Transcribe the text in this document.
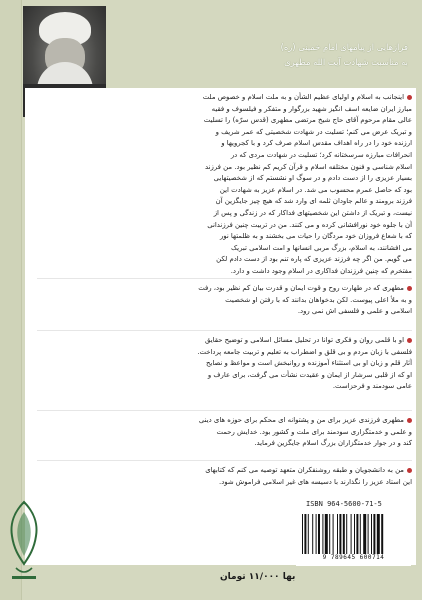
فرازهایی از پیامهای امام خمینی (ره)
به مناسبت شهادت آیت الله مطهری
اینجانب به اسلام و اولیای عظیم الشأن و به ملت اسلام و خصوص ملت
مبارز ایران ضایعه اسف انگیز شهید بزرگوار و متفکر و فیلسوف و فقیه
عالی مقام مرحوم آقای حاج شیخ مرتضی مطهری (قدس سرّه) را تسلیت
و تبریک عرض می کنم؛ تسلیت در شهادت شخصیتی که عمر شریف و
ارزنده خود را در راه اهداف مقدس اسلام صرف کرد و با کجرویها و
انحرافات مبارزه سرسختانه کرد؛ تسلیت در شهادت مردی که در
اسلام شناسی و فنون مختلفه اسلام و قرآن کریم کم نظیر بود. من فرزند
بسیار عزیزی را از دست دادم و در سوگ او نشستم که از شخصیتهایی
بود که حاصل عمرم محسوب می شد. در اسلام عزیز به شهادت این
فرزند برومند و عالم جاودان ثلمه ای وارد شد که هیچ چیز جایگزین آن
نیست، و تبریک از داشتن این شخصیتهای فداکار که در زندگی و پس از
آن با جلوه خود نورافشانی کرده و می کنند. من در تربیت چنین فرزندانی
که با شعاع فروزان خود مردگان را حیات می بخشند و به ظلمتها نور
می افشانند، به اسلام، بزرگ مربی انسانها و امت اسلامی تبریک
می گویم. من اگر چه فرزند عزیزی که پاره تنم بود از دست دادم لکن
مفتخرم که چنین فرزندان فداکاری در اسلام وجود داشت و دارد.
مطهری که در طهارت روح و قوت ایمان و قدرت بیان کم نظیر بود، رفت
و به ملأ اعلی پیوست. لکن بدخواهان بدانند که با رفتن او شخصیت
اسلامی و علمی و فلسفی اش نمی رود.
او با قلمی روان و فکری توانا در تحلیل مسائل اسلامی و توضیح حقایق
فلسفی با زبان مردم و بی قلق و اضطراب به تعلیم و تربیت جامعه پرداخت.
آثار قلم و زبان او بی استثناء آموزنده و روانبخش است و مواعظ و نصایح
او که از قلبی سرشار از ایمان و عقیدت نشأت می گرفت، برای عارف و
عامی سودمند و فرحزاست.
مطهری فرزندی عزیز برای من و پشتوانه ای محکم برای حوزه های دینی
و علمی و خدمتگزاری سودمند برای ملت و کشور بود. خدایش رحمت
کند و در جوار خدمتگزاران بزرگ اسلام جایگزین فرماید.
من به دانشجویان و طبقه روشنفکران متعهد توصیه می کنم که کتابهای
این استاد عزیز را نگذارند با دسیسه های غیر اسلامی فراموش شود.
ISBN 964-5600-71-5
9 789645 600714
بها ۱۱/۰۰۰ تومان
